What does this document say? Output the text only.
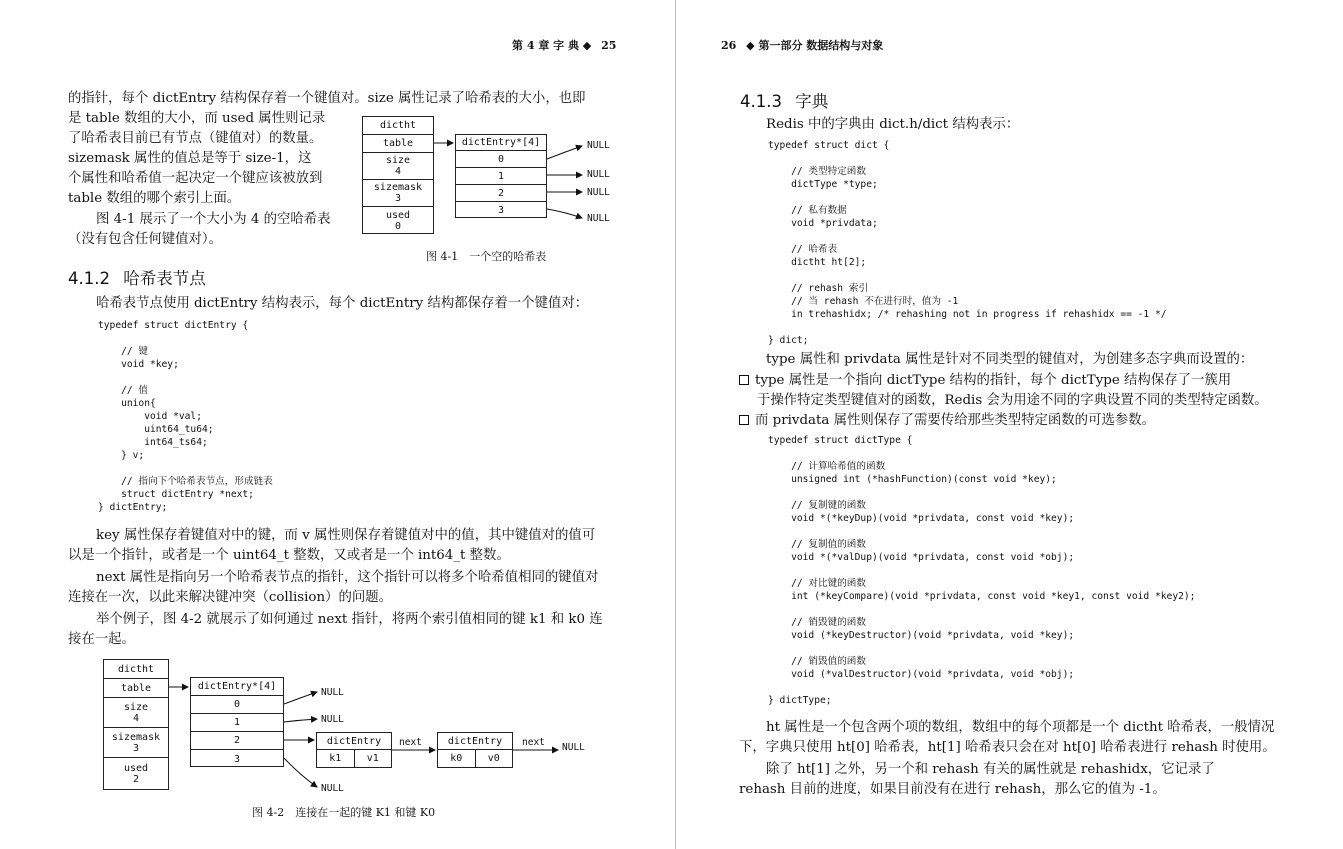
第 4 章 字 典 ◆ 25
的指针，每个 dictEntry 结构保存着一个键值对。size 属性记录了哈希表的大小，也即
是 table 数组的大小，而 used 属性则记录
了哈希表目前已有节点（键值对）的数量。
sizemask 属性的值总是等于 size-1，这
个属性和哈希值一起决定一个键应该被放到
table 数组的哪个索引上面。
图 4-1 展示了一个大小为 4 的空哈希表
（没有包含任何键值对）。
dictht
table
size
4
sizemask
3
used
0
dictEntry*[4]
0
1
2
3
NULL
NULL
NULL
NULL
图 4-1　一个空的哈希表
4.1.2 哈希表节点
哈希表节点使用 dictEntry 结构表示，每个 dictEntry 结构都保存着一个键值对：
typedef struct dictEntry {

// 键
void *key;

// 值
union{
void *val;
uint64_tu64;
int64_ts64;
} v;

// 指向下个哈希表节点，形成链表
struct dictEntry *next;
} dictEntry;
key 属性保存着键值对中的键，而 v 属性则保存着键值对中的值，其中键值对的值可
以是一个指针，或者是一个 uint64_t 整数，又或者是一个 int64_t 整数。
next 属性是指向另一个哈希表节点的指针，这个指针可以将多个哈希值相同的键值对
连接在一次，以此来解决键冲突（collision）的问题。
举个例子，图 4-2 就展示了如何通过 next 指针，将两个索引值相同的键 k1 和 k0 连
接在一起。
dictht
table
size
4
sizemask
3
used
2
dictEntry*[4]
0
1
2
3
dictEntry
k1	v1
dictEntry
k0	v0
NULL
NULL
NULL
NULL
next	next
图 4-2　连接在一起的键 K1 和键 K0
26 ◆ 第一部分 数据结构与对象
4.1.3 字典
Redis 中的字典由 dict.h/dict 结构表示：
typedef struct dict {

// 类型特定函数
dictType *type;

// 私有数据
void *privdata;

// 哈希表
dictht ht[2];

// rehash 索引
// 当 rehash 不在进行时，值为 -1
in trehashidx; /* rehashing not in progress if rehashidx == -1 */

} dict;
type 属性和 privdata 属性是针对不同类型的键值对，为创建多态字典而设置的：
type 属性是一个指向 dictType 结构的指针，每个 dictType 结构保存了一簇用
于操作特定类型键值对的函数，Redis 会为用途不同的字典设置不同的类型特定函数。
而 privdata 属性则保存了需要传给那些类型特定函数的可选参数。
typedef struct dictType {

// 计算哈希值的函数
unsigned int (*hashFunction)(const void *key);

// 复制键的函数
void *(*keyDup)(void *privdata, const void *key);

// 复制值的函数
void *(*valDup)(void *privdata, const void *obj);

// 对比键的函数
int (*keyCompare)(void *privdata, const void *key1, const void *key2);

// 销毁键的函数
void (*keyDestructor)(void *privdata, void *key);

// 销毁值的函数
void (*valDestructor)(void *privdata, void *obj);

} dictType;
ht 属性是一个包含两个项的数组，数组中的每个项都是一个 dictht 哈希表，一般情况
下，字典只使用 ht[0] 哈希表，ht[1] 哈希表只会在对 ht[0] 哈希表进行 rehash 时使用。
除了 ht[1] 之外，另一个和 rehash 有关的属性就是 rehashidx，它记录了
rehash 目前的进度，如果目前没有在进行 rehash，那么它的值为 -1。
